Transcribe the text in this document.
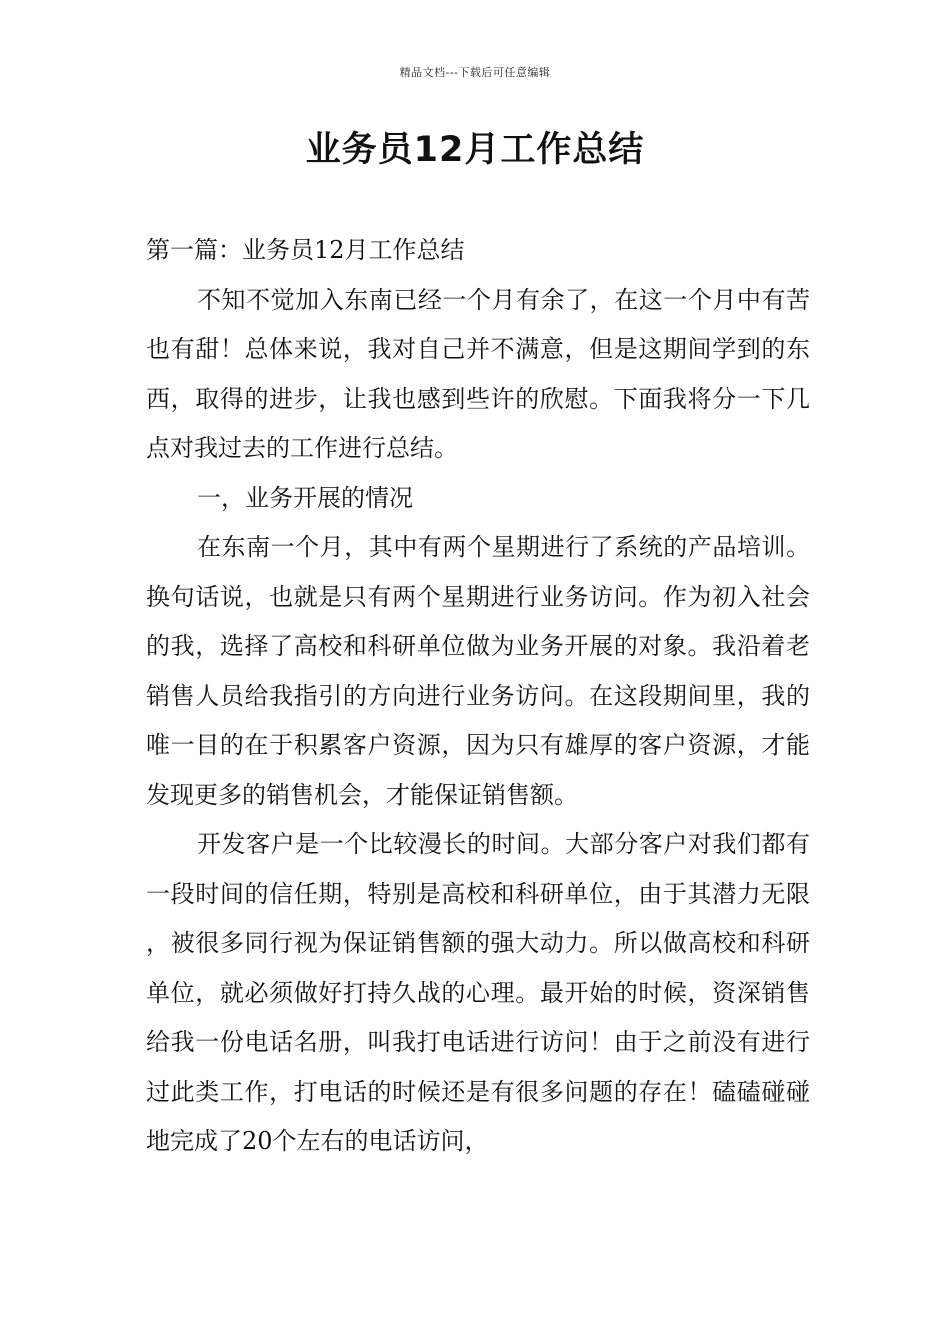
精品文档---下载后可任意编辑
业务员12月工作总结

第一篇：业务员12月工作总结

不知不觉加入东南已经一个月有余了，在这一个月中有苦也有甜！总体来说，我对自己并不满意，但是这期间学到的东西，取得的进步，让我也感到些许的欣慰。下面我将分一下几点对我过去的工作进行总结。

一，业务开展的情况

在东南一个月，其中有两个星期进行了系统的产品培训。换句话说，也就是只有两个星期进行业务访问。作为初入社会的我，选择了高校和科研单位做为业务开展的对象。我沿着老销售人员给我指引的方向进行业务访问。在这段期间里，我的唯一目的在于积累客户资源，因为只有雄厚的客户资源，才能发现更多的销售机会，才能保证销售额。

开发客户是一个比较漫长的时间。大部分客户对我们都有一段时间的信任期，特别是高校和科研单位，由于其潜力无限，被很多同行视为保证销售额的强大动力。所以做高校和科研单位，就必须做好打持久战的心理。最开始的时候，资深销售给我一份电话名册，叫我打电话进行访问！由于之前没有进行过此类工作，打电话的时候还是有很多问题的存在！磕磕碰碰地完成了20个左右的电话访问，
